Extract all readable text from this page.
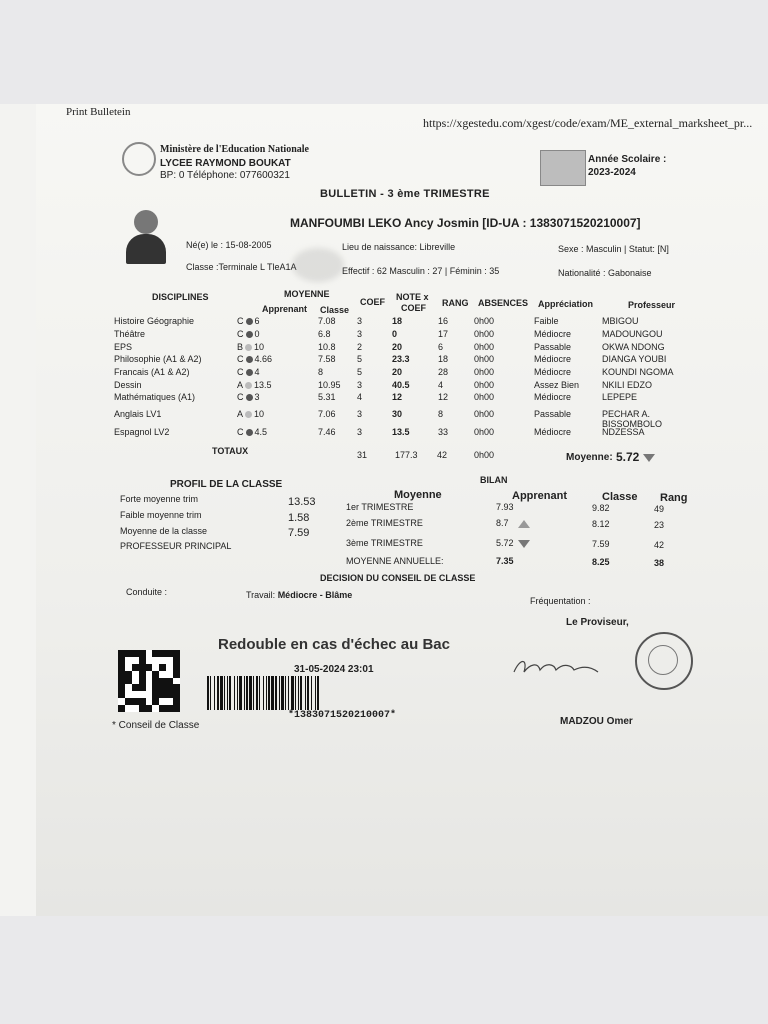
Print Bulletein
https://xgestedu.com/xgest/code/exam/ME_external_marksheet_pr...
Ministère de l'Education Nationale
LYCEE RAYMOND BOUKAT
BP: 0 Téléphone: 077600321
Année Scolaire :
2023-2024
BULLETIN - 3 ème TRIMESTRE
MANFOUMBI LEKO Ancy Josmin [ID-UA : 1383071520210007]
Né(e) le : 15-08-2005	Lieu de naissance: Libreville	Sexe : Masculin | Statut: [N]
Classe :Terminale L TleA1A	Effectif : 62 Masculin : 27 | Féminin : 35	Nationalité : Gabonaise
DISCIPLINES	MOYENNE
Apprenant Classe
COEF NOTE x
COEF RANG ABSENCES Appréciation	Professeur
Histoire Géographie	C 6	7.08 3	18	16	0h00	Faible	MBIGOU
Théâtre	C 0	6.8	3	0	17	0h00	Médiocre	MADOUNGOU
EPS	B 10	10.8 2	20	6	0h00	Passable	OKWA NDONG
Philosophie (A1 & A2)	C 4.66	7.58 5	23.3	18	0h00	Médiocre	DIANGA YOUBI
Francais (A1 & A2)	C 4	8	5	20	28	0h00	Médiocre	KOUNDI NGOMA
Dessin	A 13.5	10.95 3	40.5	4	0h00	Assez Bien	NKILI EDZO
Mathématiques (A1)	C 3	5.31 4	12	12	0h00	Médiocre	LEPEPE
Anglais LV1	A 10	7.06 3	30	8	0h00	Passable	PECHAR A. BISSOMBOLO
Espagnol LV2	C 4.5	7.46 3	13.5	33	0h00	Médiocre	NDZESSA
TOTAUX	31	177.3 42	0h00	Moyenne: 5.72
PROFIL DE LA CLASSE
Forte moyenne trim	13.53
Faible moyenne trim	1.58
Moyenne de la classe	7.59
PROFESSEUR PRINCIPAL
BILAN
Moyenne	Apprenant	Classe Rang
1er TRIMESTRE	7.93	9.82	49
2ème TRIMESTRE	8.7	8.12	23
3ème TRIMESTRE	5.72	7.59	42
MOYENNE ANNUELLE:	7.35	8.25	38
DECISION DU CONSEIL DE CLASSE
Conduite :	Travail: Médiocre - Blâme
Fréquentation :
Le Proviseur,
Redouble en cas d'échec au Bac
31-05-2024 23:01
*1383071520210007*
MADZOU Omer
* Conseil de Classe
